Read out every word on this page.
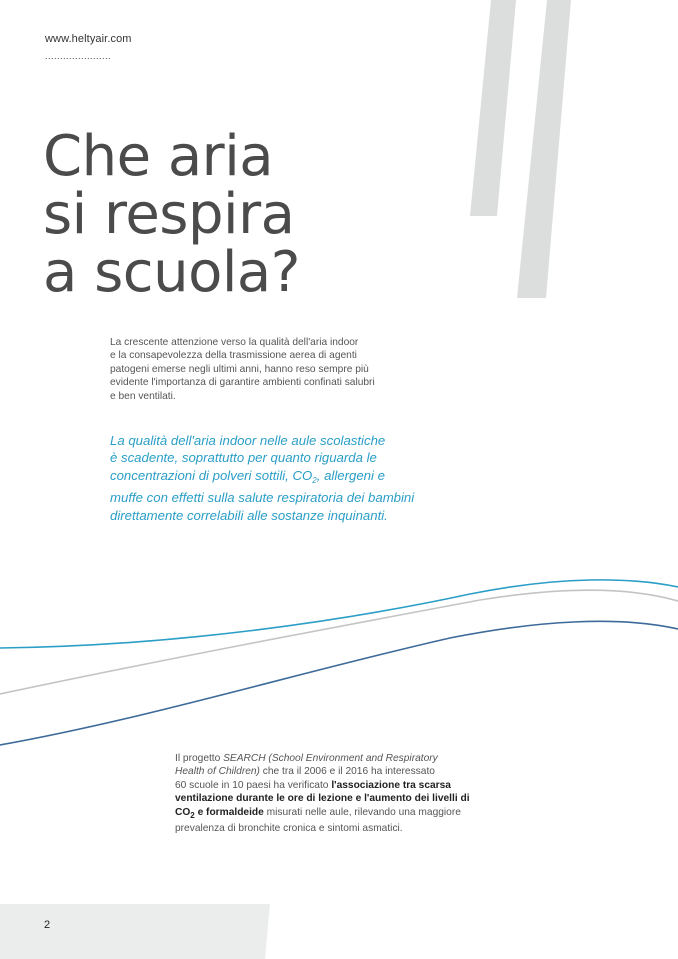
www.heltyair.com
......................
Che aria
si respira
a scuola?
La crescente attenzione verso la qualità dell'aria indoor
e la consapevolezza della trasmissione aerea di agenti
patogeni emerse negli ultimi anni, hanno reso sempre più
evidente l'importanza di garantire ambienti confinati salubri
e ben ventilati.
La qualità dell'aria indoor nelle aule scolastiche
è scadente, soprattutto per quanto riguarda le
concentrazioni di polveri sottili, $CO_2$, allergeni e
muffe con effetti sulla salute respiratoria dei bambini
direttamente correlabili alle sostanze inquinanti.
Il progetto SEARCH (School Environment and Respiratory
Health of Children) che tra il 2006 e il 2016 ha interessato
60 scuole in 10 paesi ha verificato l'associazione tra scarsa
ventilazione durante le ore di lezione e l'aumento dei livelli di
$CO_2$ e formaldeide misurati nelle aule, rilevando una maggiore
prevalenza di bronchite cronica e sintomi asmatici.
2
